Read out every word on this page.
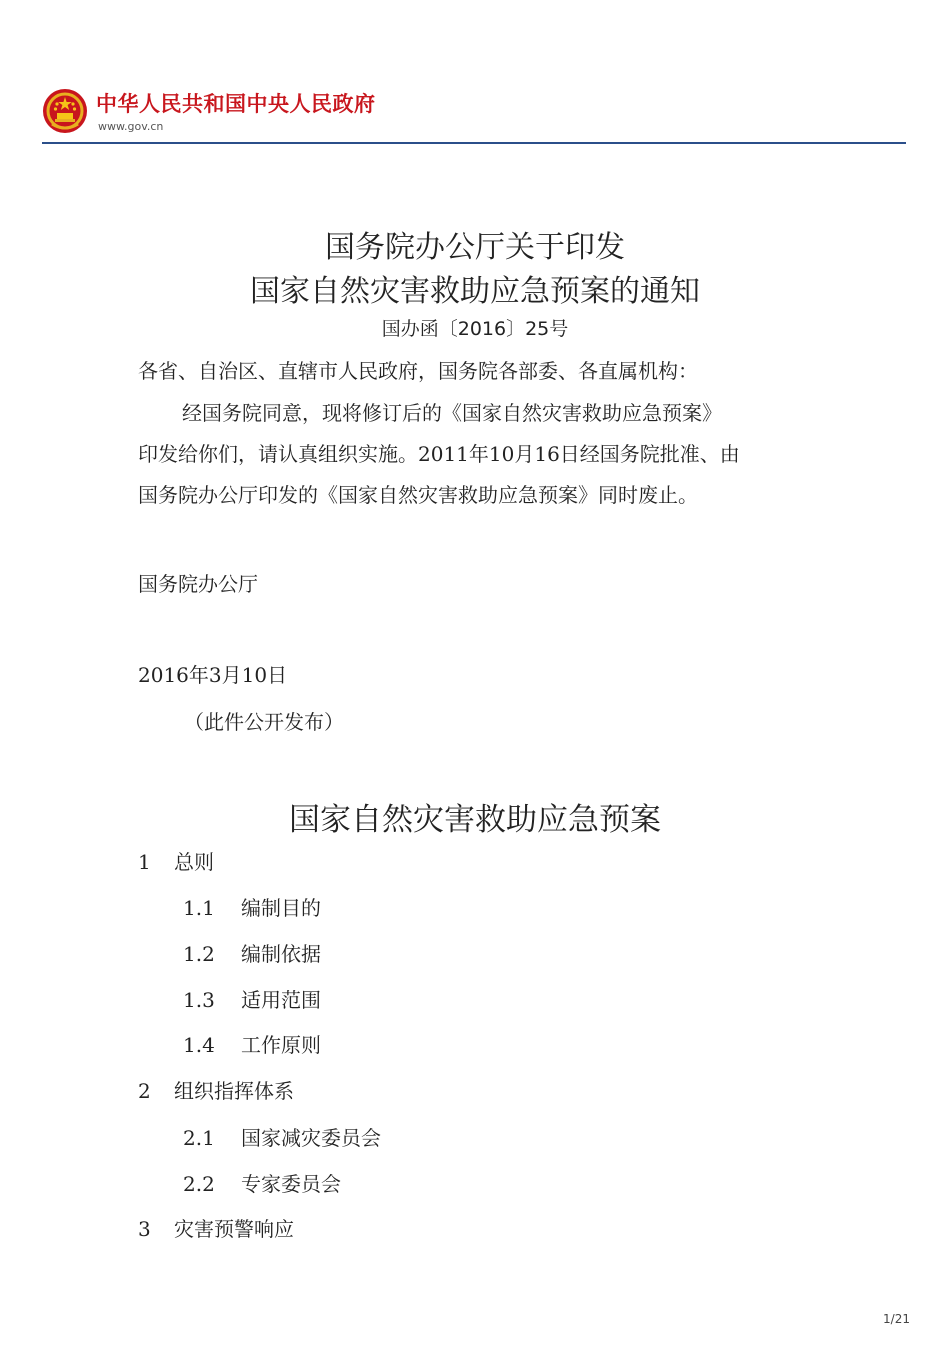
中华人民共和国中央人民政府
www.gov.cn
国务院办公厅关于印发
国家自然灾害救助应急预案的通知
国办函〔2016〕25号
各省、自治区、直辖市人民政府，国务院各部委、各直属机构：
经国务院同意，现将修订后的《国家自然灾害救助应急预案》
印发给你们，请认真组织实施。2011年10月16日经国务院批准、由
国务院办公厅印发的《国家自然灾害救助应急预案》同时废止。
国务院办公厅
2016年3月10日
（此件公开发布）
国家自然灾害救助应急预案
1 总则
1.1 编制目的
1.2 编制依据
1.3 适用范围
1.4 工作原则
2 组织指挥体系
2.1 国家减灾委员会
2.2 专家委员会
3 灾害预警响应
1/21
